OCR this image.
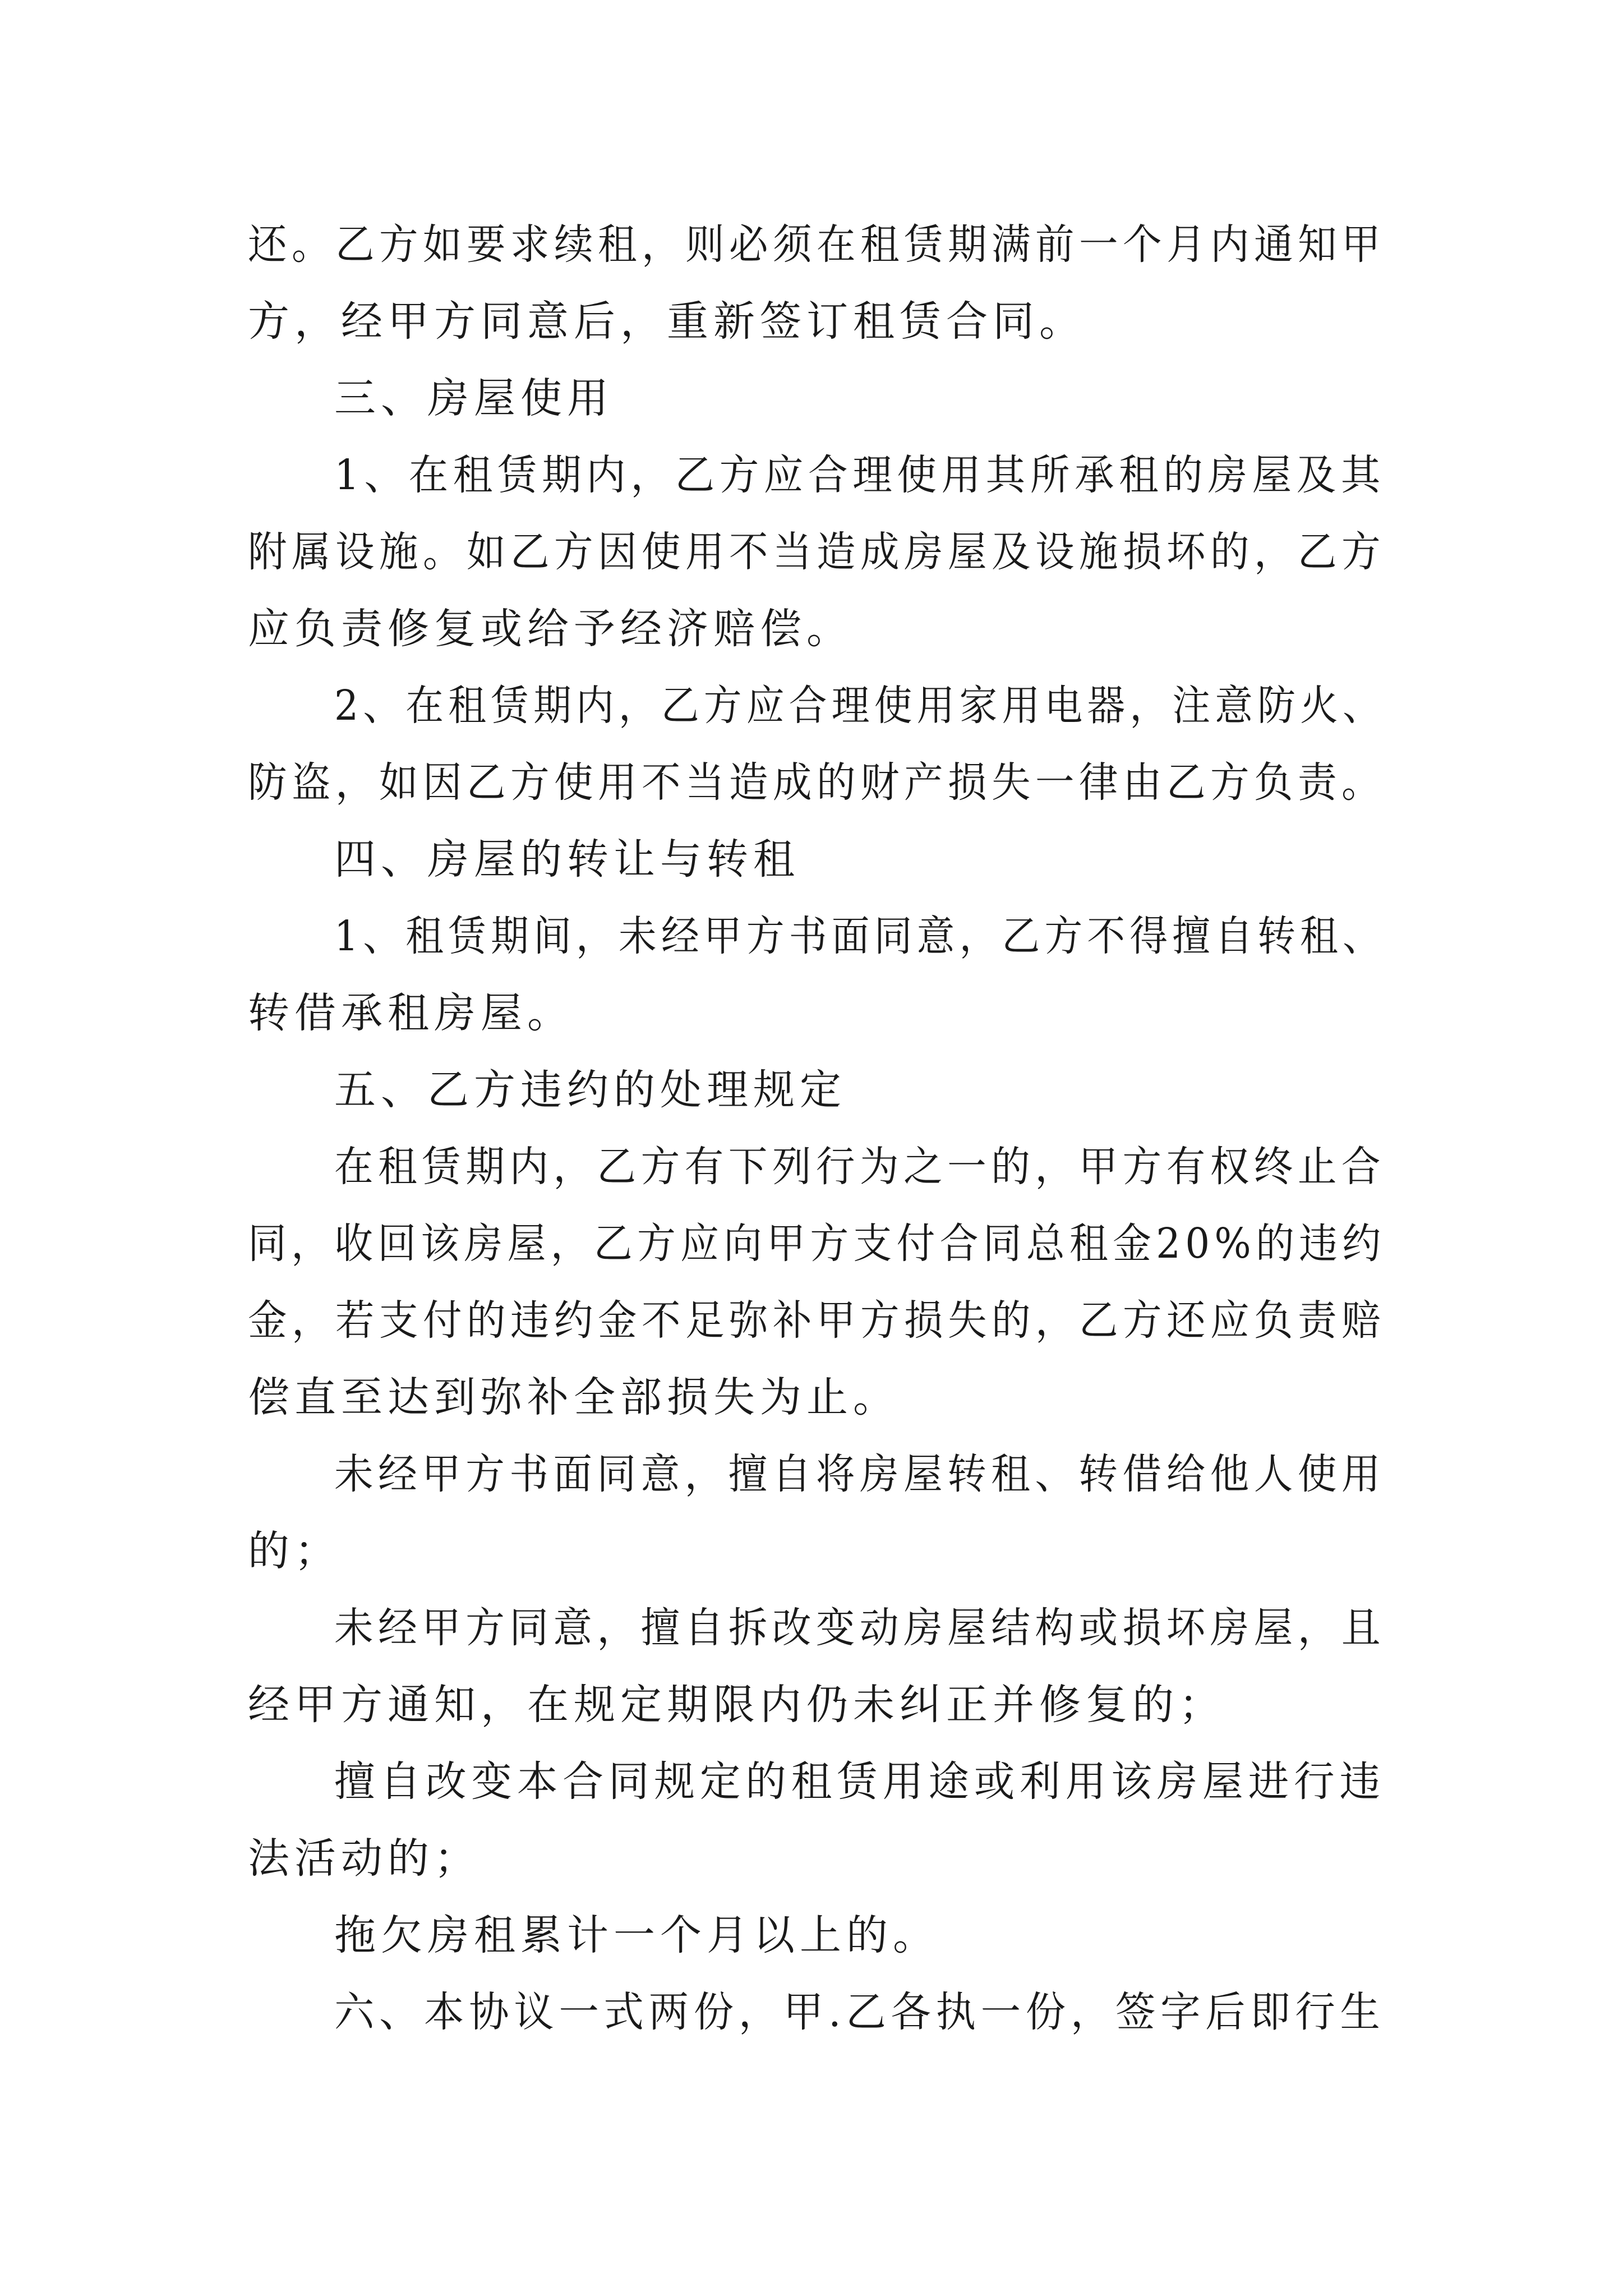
还。乙方如要求续租，则必须在租赁期满前一个月内通知甲
方，经甲方同意后，重新签订租赁合同。
三、房屋使用
1、在租赁期内，乙方应合理使用其所承租的房屋及其
附属设施。如乙方因使用不当造成房屋及设施损坏的，乙方
应负责修复或给予经济赔偿。
2、在租赁期内，乙方应合理使用家用电器，注意防火、
防盗，如因乙方使用不当造成的财产损失一律由乙方负责。
四、房屋的转让与转租
1、租赁期间，未经甲方书面同意，乙方不得擅自转租、
转借承租房屋。
五、乙方违约的处理规定
在租赁期内，乙方有下列行为之一的，甲方有权终止合
同，收回该房屋，乙方应向甲方支付合同总租金20%的违约
金，若支付的违约金不足弥补甲方损失的，乙方还应负责赔
偿直至达到弥补全部损失为止。
未经甲方书面同意，擅自将房屋转租、转借给他人使用
的；
未经甲方同意，擅自拆改变动房屋结构或损坏房屋，且
经甲方通知，在规定期限内仍未纠正并修复的；
擅自改变本合同规定的租赁用途或利用该房屋进行违
法活动的；
拖欠房租累计一个月以上的。
六、本协议一式两份，甲.乙各执一份，签字后即行生
